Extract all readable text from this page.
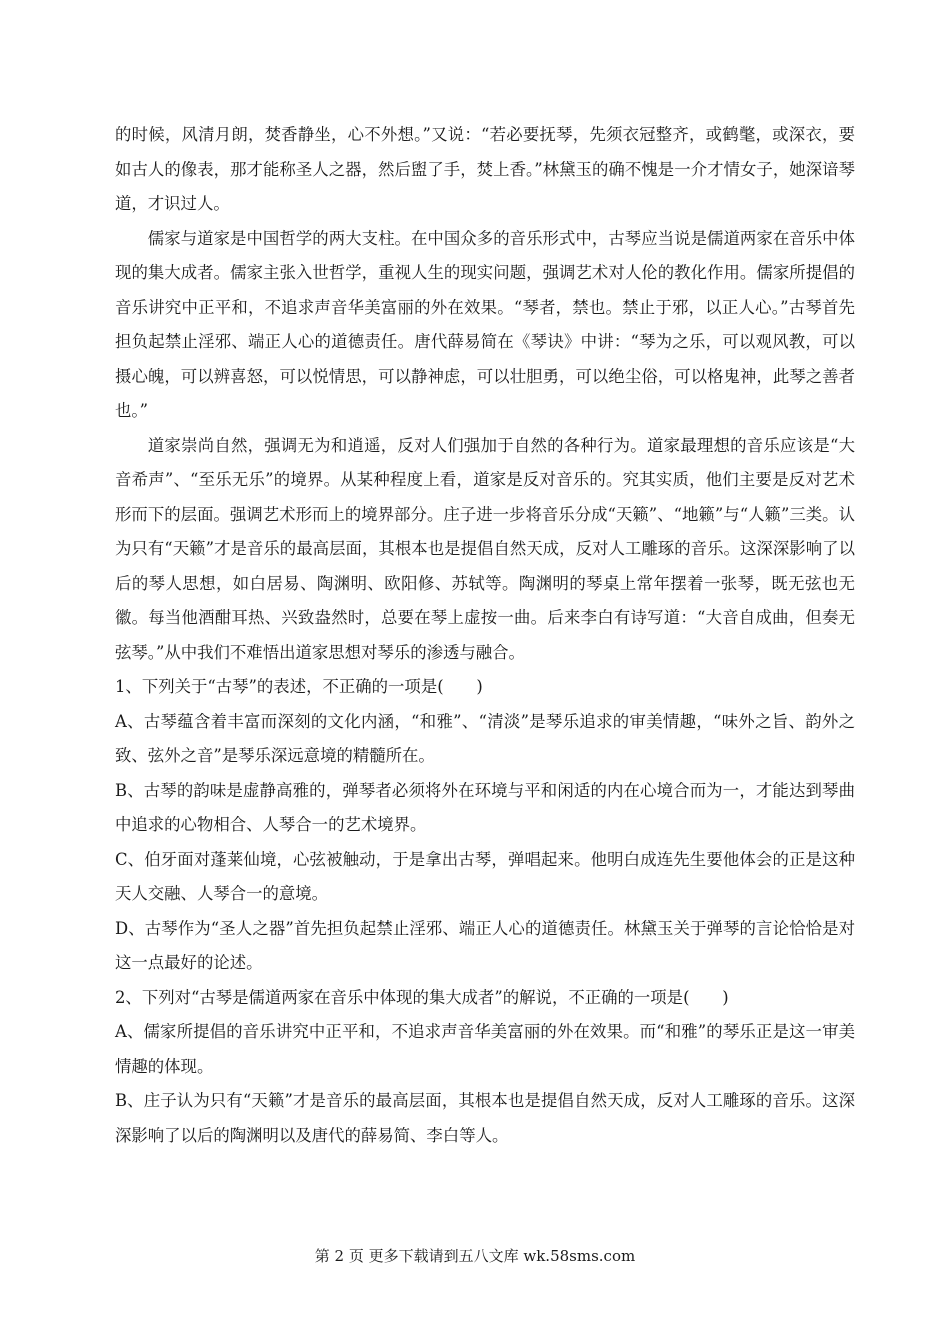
的时候，风清月朗，焚香静坐，心不外想。”又说：“若必要抚琴，先须衣冠整齐，或鹤氅，或深衣，要如古人的像表，那才能称圣人之器，然后盥了手，焚上香。”林黛玉的确不愧是一介才情女子，她深谙琴道，才识过人。

儒家与道家是中国哲学的两大支柱。在中国众多的音乐形式中，古琴应当说是儒道两家在音乐中体现的集大成者。儒家主张入世哲学，重视人生的现实问题，强调艺术对人伦的教化作用。儒家所提倡的音乐讲究中正平和，不追求声音华美富丽的外在效果。“琴者，禁也。禁止于邪，以正人心。”古琴首先担负起禁止淫邪、端正人心的道德责任。唐代薛易简在《琴诀》中讲：“琴为之乐，可以观风教，可以摄心魄，可以辨喜怒，可以悦情思，可以静神虑，可以壮胆勇，可以绝尘俗，可以格鬼神，此琴之善者也。”

道家崇尚自然，强调无为和逍遥，反对人们强加于自然的各种行为。道家最理想的音乐应该是“大音希声”、“至乐无乐”的境界。从某种程度上看，道家是反对音乐的。究其实质，他们主要是反对艺术形而下的层面。强调艺术形而上的境界部分。庄子进一步将音乐分成“天籁”、“地籁”与“人籁”三类。认为只有“天籁”才是音乐的最高层面，其根本也是提倡自然天成，反对人工雕琢的音乐。这深深影响了以后的琴人思想，如白居易、陶渊明、欧阳修、苏轼等。陶渊明的琴桌上常年摆着一张琴，既无弦也无徽。每当他酒酣耳热、兴致盎然时，总要在琴上虚按一曲。后来李白有诗写道：“大音自成曲，但奏无弦琴。”从中我们不难悟出道家思想对琴乐的渗透与融合。

1、下列关于“古琴”的表述，不正确的一项是(　　)

A、古琴蕴含着丰富而深刻的文化内涵，“和雅”、“清淡”是琴乐追求的审美情趣，“味外之旨、韵外之致、弦外之音”是琴乐深远意境的精髓所在。

B、古琴的韵味是虚静高雅的，弹琴者必须将外在环境与平和闲适的内在心境合而为一，才能达到琴曲中追求的心物相合、人琴合一的艺术境界。

C、伯牙面对蓬莱仙境，心弦被触动，于是拿出古琴，弹唱起来。他明白成连先生要他体会的正是这种天人交融、人琴合一的意境。

D、古琴作为“圣人之器”首先担负起禁止淫邪、端正人心的道德责任。林黛玉关于弹琴的言论恰恰是对这一点最好的论述。

2、下列对“古琴是儒道两家在音乐中体现的集大成者”的解说，不正确的一项是(　　)

A、儒家所提倡的音乐讲究中正平和，不追求声音华美富丽的外在效果。而“和雅”的琴乐正是这一审美情趣的体现。

B、庄子认为只有“天籁”才是音乐的最高层面，其根本也是提倡自然天成，反对人工雕琢的音乐。这深深影响了以后的陶渊明以及唐代的薛易简、李白等人。

第 2 页 更多下载请到五八文库 wk.58sms.com
